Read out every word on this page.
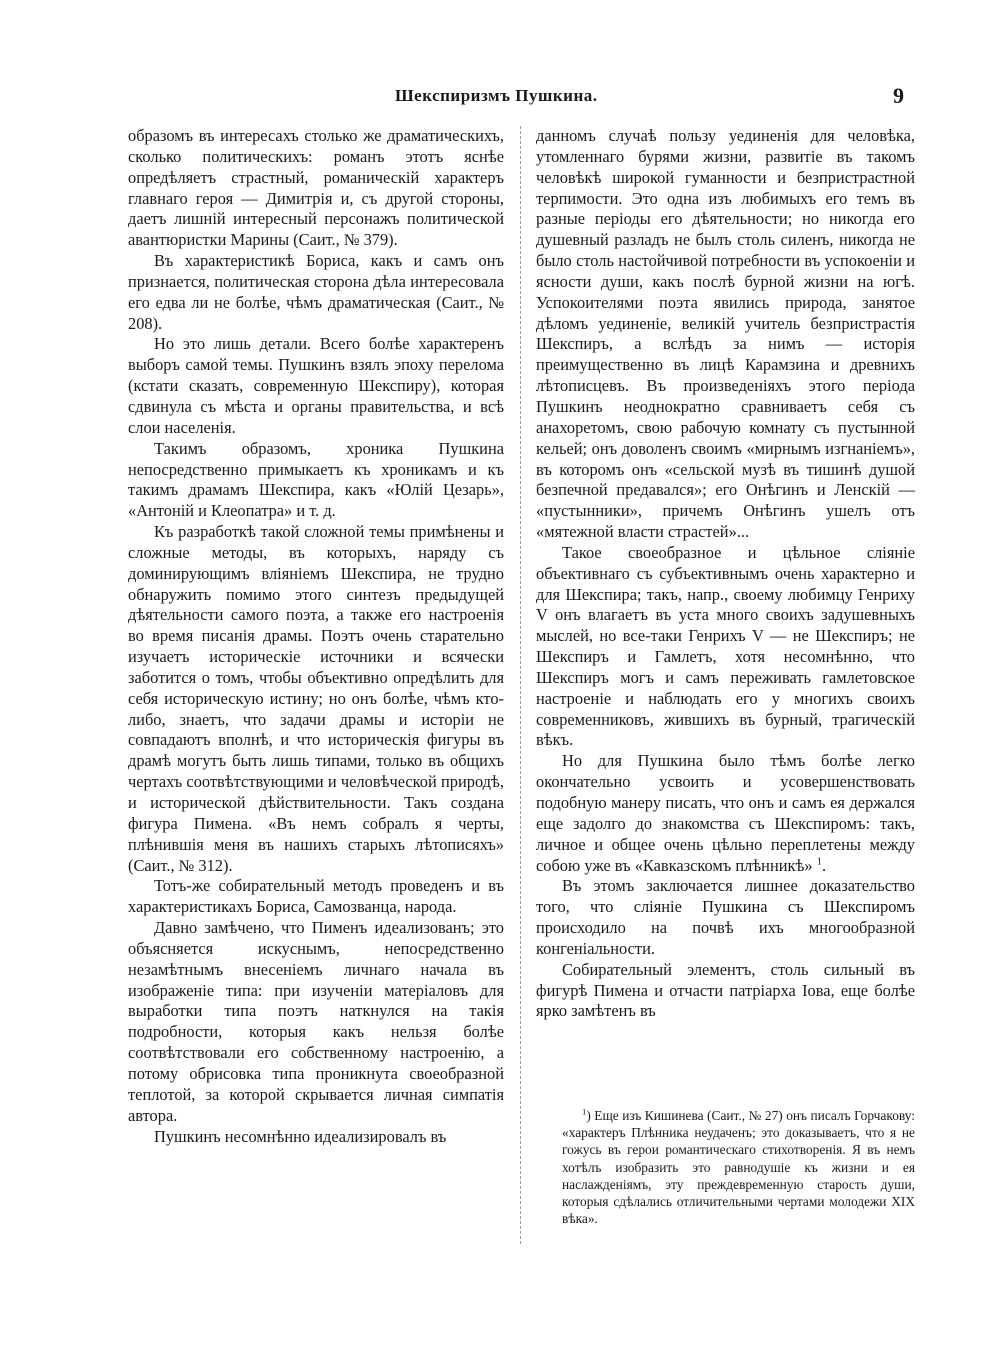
Шекспиризмъ Пушкина.	9

образомъ въ интересахъ столько же драматическихъ, сколько политическихъ: романъ этотъ яснѣе опредѣляетъ страстный, романическій характеръ главнаго героя — Димитрія и, съ другой стороны, даетъ лишній интересный персонажъ политической авантюристки Марины (Саит., № 379).

Въ характеристикѣ Бориса, какъ и самъ онъ признается, политическая сторона дѣла интересовала его едва ли не болѣе, чѣмъ драматическая (Саит., № 208).

Но это лишь детали. Всего болѣе характеренъ выборъ самой темы. Пушкинъ взялъ эпоху перелома (кстати сказать, современную Шекспиру), которая сдвинула съ мѣста и органы правительства, и всѣ слои населенія.

Такимъ образомъ, хроника Пушкина непосредственно примыкаетъ къ хроникамъ и къ такимъ драмамъ Шекспира, какъ «Юлій Цезарь», «Антоній и Клеопатра» и т. д.

Къ разработкѣ такой сложной темы примѣнены и сложные методы, въ которыхъ, наряду съ доминирующимъ вліяніемъ Шекспира, не трудно обнаружить помимо этого синтезъ предыдущей дѣятельности самого поэта, а также его настроенія во время писанія драмы. Поэтъ очень старательно изучаетъ историческіе источники и всячески заботится о томъ, чтобы объективно опредѣлить для себя историческую истину; но онъ болѣе, чѣмъ кто-либо, знаетъ, что задачи драмы и исторіи не совпадаютъ вполнѣ, и что историческія фигуры въ драмѣ могутъ быть лишь типами, только въ общихъ чертахъ соотвѣтствующими и человѣческой природѣ, и исторической дѣйствительности. Такъ создана фигура Пимена. «Въ немъ собралъ я черты, плѣнившія меня въ нашихъ старыхъ лѣтописяхъ» (Саит., № 312).

Тотъ-же собирательный методъ проведенъ и въ характеристикахъ Бориса, Самозванца, народа.

Давно замѣчено, что Пименъ идеализованъ; это объясняется искуснымъ, непосредственно незамѣтнымъ внесеніемъ личнаго начала въ изображеніе типа: при изученіи матеріаловъ для выработки типа поэтъ наткнулся на такія подробности, которыя какъ нельзя болѣе соотвѣтствовали его собственному настроенію, а потому обрисовка типа проникнута своеобразной теплотой, за которой скрывается личная симпатія автора.

Пушкинъ несомнѣнно идеализировалъ въ

данномъ случаѣ пользу уединенія для человѣка, утомленнаго бурями жизни, развитіе въ такомъ человѣкѣ широкой гуманности и безпристрастной терпимости. Это одна изъ любимыхъ его темъ въ разные періоды его дѣятельности; но никогда его душевный разладъ не былъ столь силенъ, никогда не было столь настойчивой потребности въ успокоеніи и ясности души, какъ послѣ бурной жизни на югѣ. Успокоителями поэта явились природа, занятое дѣломъ уединеніе, великій учитель безпристрастія Шекспиръ, а вслѣдъ за нимъ — исторія преимущественно въ лицѣ Карамзина и древнихъ лѣтописцевъ. Въ произведеніяхъ этого періода Пушкинъ неоднократно сравниваетъ себя съ анахоретомъ, свою рабочую комнату съ пустынной кельей; онъ доволенъ своимъ «мирнымъ изгнаніемъ», въ которомъ онъ «сельской музѣ въ тишинѣ душой безпечной предавался»; его Онѣгинъ и Ленскій — «пустынники», причемъ Онѣгинъ ушелъ отъ «мятежной власти страстей»...

Такое своеобразное и цѣльное сліяніе объективнаго съ субъективнымъ очень характерно и для Шекспира; такъ, напр., своему любимцу Генриху V онъ влагаетъ въ уста много своихъ задушевныхъ мыслей, но все-таки Генрихъ V — не Шекспиръ; не Шекспиръ и Гамлетъ, хотя несомнѣнно, что Шекспиръ могъ и самъ переживать гамлетовское настроеніе и наблюдать его у многихъ своихъ современниковъ, жившихъ въ бурный, трагическій вѣкъ.

Но для Пушкина было тѣмъ болѣе легко окончательно усвоить и усовершенствовать подобную манеру писать, что онъ и самъ ея держался еще задолго до знакомства съ Шекспиромъ: такъ, личное и общее очень цѣльно переплетены между собою уже въ «Кавказскомъ плѣнникѣ» $^1$.

Въ этомъ заключается лишнее доказательство того, что сліяніе Пушкина съ Шекспиромъ происходило на почвѣ ихъ многообразной конгеніальности.

Собирательный элементъ, столь сильный въ фигурѣ Пимена и отчасти патріарха Іова, еще болѣе ярко замѣтенъ въ

$^1$) Еще изъ Кишинева (Саит., № 27) онъ писалъ Горчакову: «характеръ Плѣнника неудаченъ; это доказываетъ, что я не гожусь въ герои романтическаго стихотворенія. Я въ немъ хотѣлъ изобразить это равнодушіе къ жизни и ея наслажденіямъ, эту преждевременную старость души, которыя сдѣлались отличительными чертами молодежи XIX вѣка».
